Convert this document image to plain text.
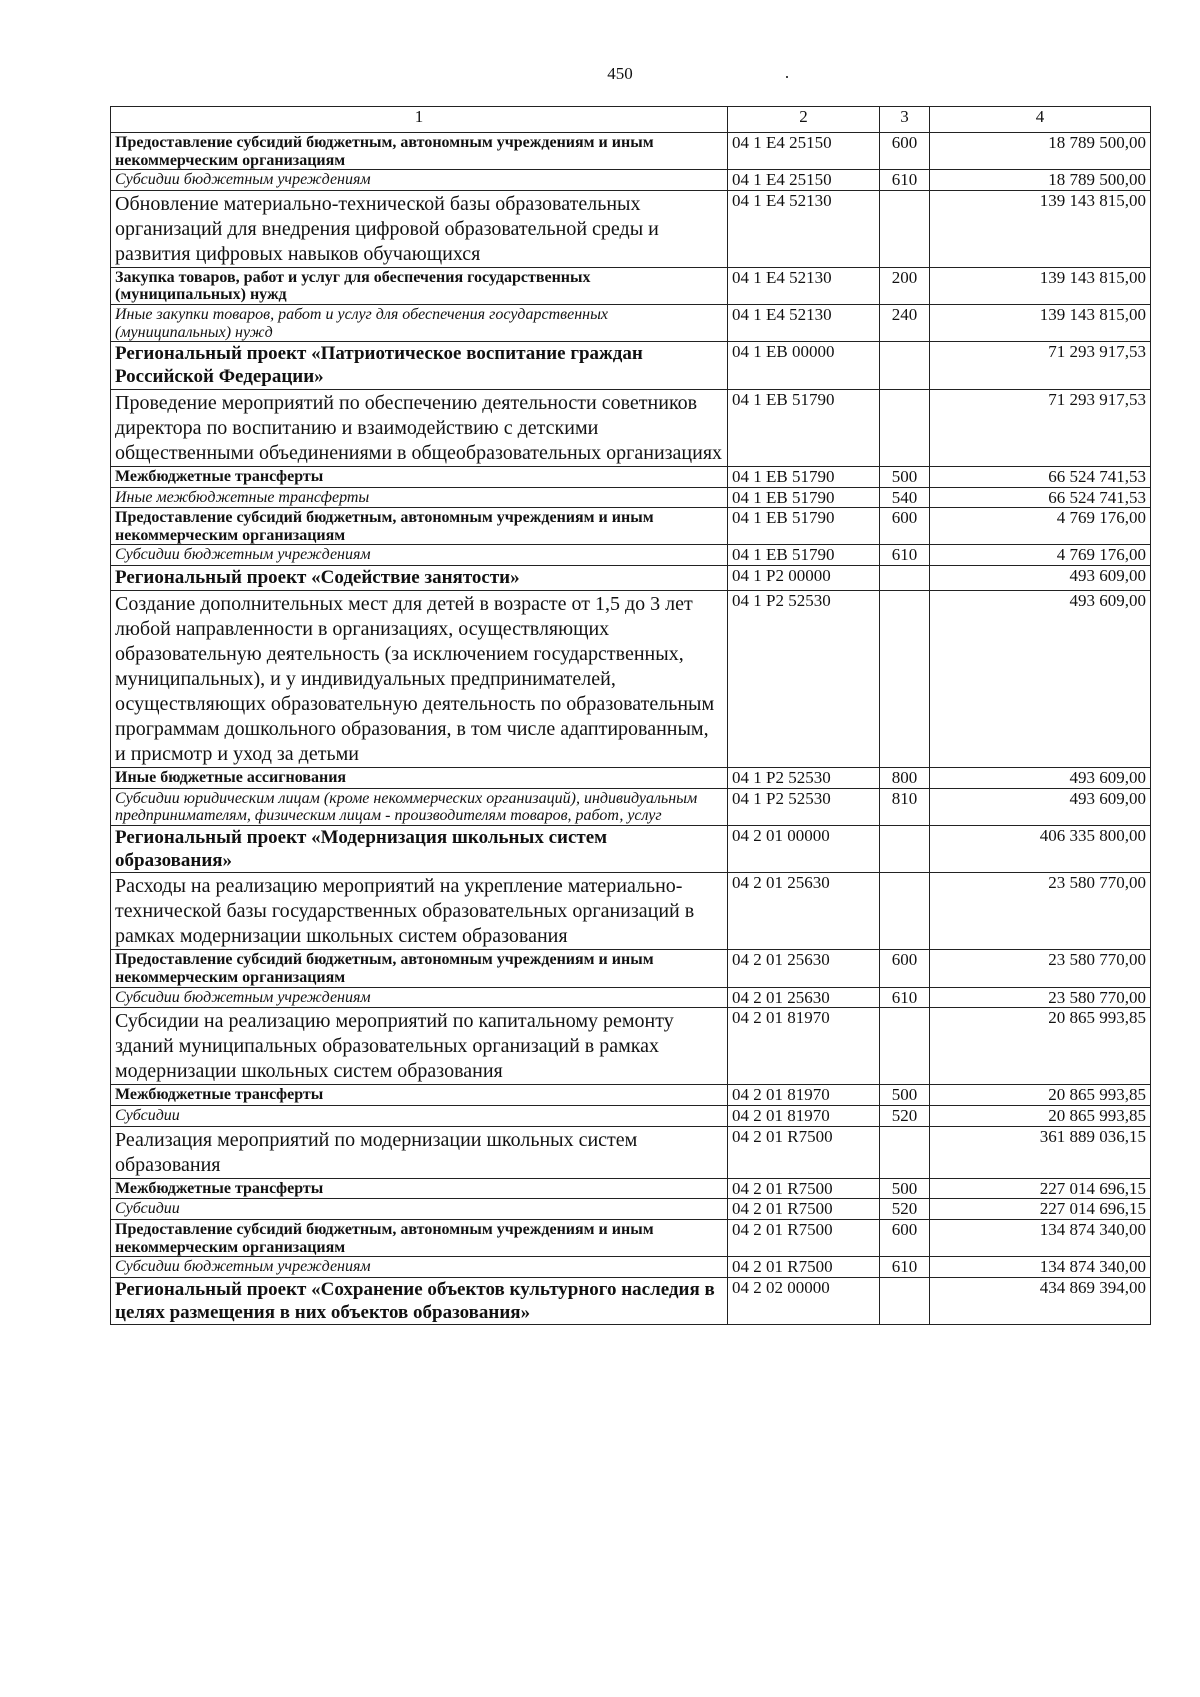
450
1	2	3	4
Предоставление субсидий бюджетным, автономным учреждениям и иным некоммерческим организациям	04 1 E4 25150	600	18 789 500,00
Субсидии бюджетным учреждениям	04 1 E4 25150	610	18 789 500,00
Обновление материально-технической базы образовательных организаций для внедрения цифровой образовательной среды и развития цифровых навыков обучающихся	04 1 E4 52130		139 143 815,00
Закупка товаров, работ и услуг для обеспечения государственных (муниципальных) нужд	04 1 E4 52130	200	139 143 815,00
Иные закупки товаров, работ и услуг для обеспечения государственных (муниципальных) нужд	04 1 E4 52130	240	139 143 815,00
Региональный проект «Патриотическое воспитание граждан Российской Федерации»	04 1 EB 00000		71 293 917,53
Проведение мероприятий по обеспечению деятельности советников директора по воспитанию и взаимодействию с детскими общественными объединениями в общеобразовательных организациях	04 1 EB 51790		71 293 917,53
Межбюджетные трансферты	04 1 EB 51790	500	66 524 741,53
Иные межбюджетные трансферты	04 1 EB 51790	540	66 524 741,53
Предоставление субсидий бюджетным, автономным учреждениям и иным некоммерческим организациям	04 1 EB 51790	600	4 769 176,00
Субсидии бюджетным учреждениям	04 1 EB 51790	610	4 769 176,00
Региональный проект «Содействие занятости»	04 1 P2 00000		493 609,00
Создание дополнительных мест для детей в возрасте от 1,5 до 3 лет любой направленности в организациях, осуществляющих образовательную деятельность (за исключением государственных, муниципальных), и у индивидуальных предпринимателей, осуществляющих образовательную деятельность по образовательным программам дошкольного образования, в том числе адаптированным, и присмотр и уход за детьми	04 1 P2 52530		493 609,00
Иные бюджетные ассигнования	04 1 P2 52530	800	493 609,00
Субсидии юридическим лицам (кроме некоммерческих организаций), индивидуальным предпринимателям, физическим лицам - производителям товаров, работ, услуг	04 1 P2 52530	810	493 609,00
Региональный проект «Модернизация школьных систем образования»	04 2 01 00000		406 335 800,00
Расходы на реализацию мероприятий на укрепление материально-технической базы государственных образовательных организаций в рамках модернизации школьных систем образования	04 2 01 25630		23 580 770,00
Предоставление субсидий бюджетным, автономным учреждениям и иным некоммерческим организациям	04 2 01 25630	600	23 580 770,00
Субсидии бюджетным учреждениям	04 2 01 25630	610	23 580 770,00
Субсидии на реализацию мероприятий по капитальному ремонту зданий муниципальных образовательных организаций в рамках модернизации школьных систем образования	04 2 01 81970		20 865 993,85
Межбюджетные трансферты	04 2 01 81970	500	20 865 993,85
Субсидии	04 2 01 81970	520	20 865 993,85
Реализация мероприятий по модернизации школьных систем образования	04 2 01 R7500		361 889 036,15
Межбюджетные трансферты	04 2 01 R7500	500	227 014 696,15
Субсидии	04 2 01 R7500	520	227 014 696,15
Предоставление субсидий бюджетным, автономным учреждениям и иным некоммерческим организациям	04 2 01 R7500	600	134 874 340,00
Субсидии бюджетным учреждениям	04 2 01 R7500	610	134 874 340,00
Региональный проект «Сохранение объектов культурного наследия в целях размещения в них объектов образования»	04 2 02 00000		434 869 394,00
